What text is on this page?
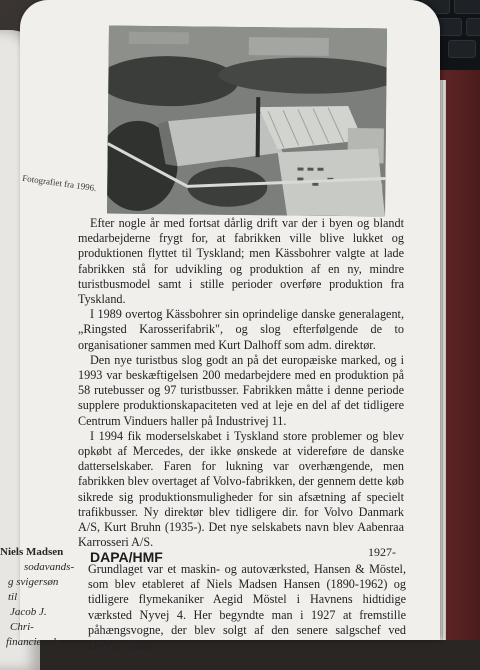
Fotografiet fra 1996.

Efter nogle år med fortsat dårlig drift var der i byen og blandt medarbejderne frygt for, at fabrikken ville blive lukket og produktionen flyttet til Tyskland; men Kässbohrer valgte at lade fabrikken stå for udvikling og produktion af en ny, mindre turistbusmodel samt i stille perioder overføre produktion fra Tyskland.

I 1989 overtog Kässbohrer sin oprindelige danske generalagent, „Ringsted Karosserifabrik", og slog efterfølgende de to organisationer sammen med Kurt Dalhoff som adm. direktør.

Den nye turistbus slog godt an på det europæiske marked, og i 1993 var beskæftigelsen 200 medarbejdere med en produktion på 58 rutebusser og 97 turistbusser. Fabrikken måtte i denne periode supplere produktionskapaciteten ved at leje en del af det tidligere Centrum Vinduers haller på Industrivej 11.

I 1994 fik moderselskabet i Tyskland store problemer og blev opkøbt af Mercedes, der ikke ønskede at videreføre de danske datterselskaber. Faren for lukning var overhængende, men fabrikken blev overtaget af Volvo-fabrikken, der gennem dette køb sikrede sig produktionsmuligheder for sin afsætning af specielt trafikbusser. Ny direktør blev tidligere dir. for Volvo Danmark A/S, Kurt Bruhn (1935-). Det nye selskabets navn blev Aabenraa Karrosseri A/S.

Niels Madsen
sodavands-
g svigersøn til
Jacob J. Chri-
financierede
DAPA/HMF	1927-
Grundlaget var et maskin- og autoværksted, Hansen & Möstel, som blev etableret af Niels Madsen Hansen (1890-1962) og tidligere flymekaniker Aegid Möstel i Havnens hidtidige værksted Nyvej 4. Her begyndte man i 1927 at fremstille påhængsvogne, der blev solgt af den senere salgschef ved DAPA, Hans
